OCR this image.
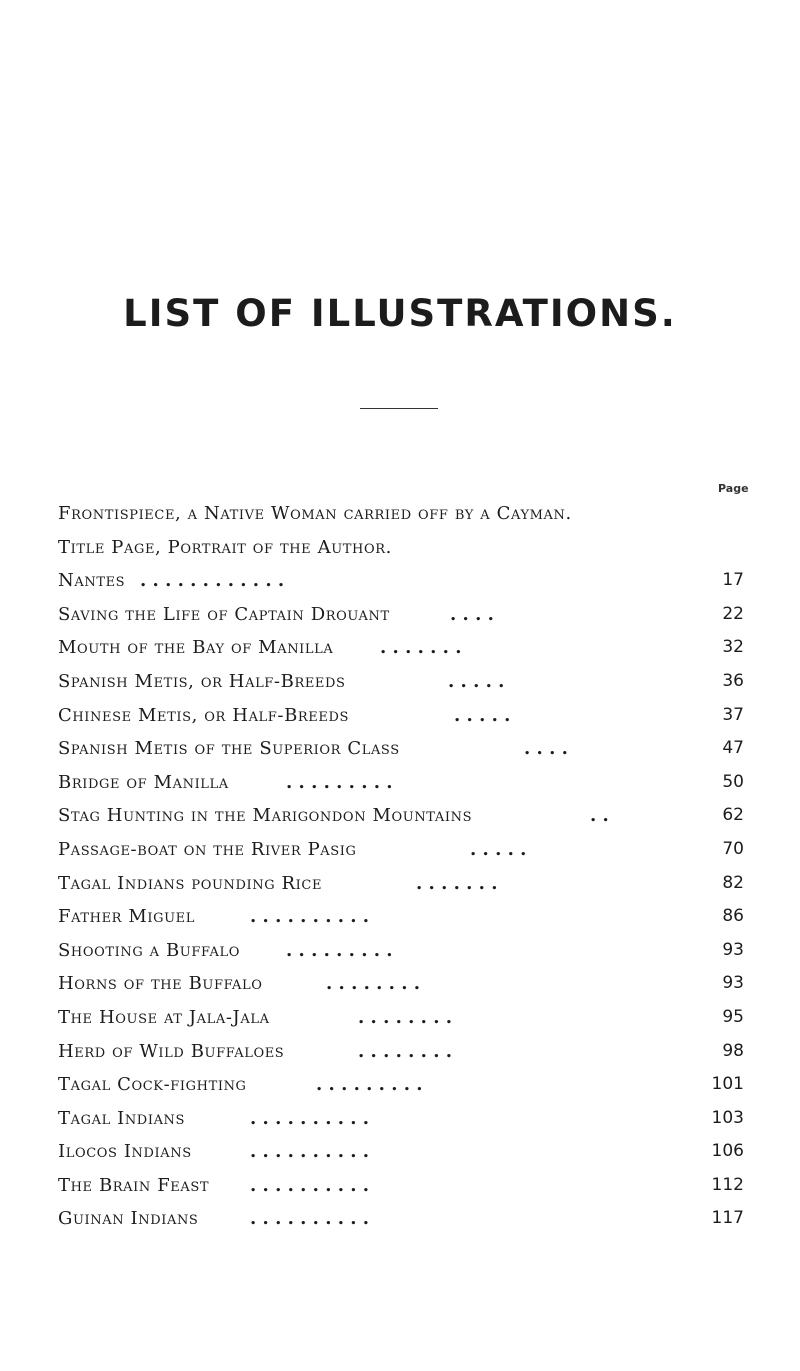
LIST OF ILLUSTRATIONS.
Page
Frontispiece, a Native Woman carried off by a Cayman.
Title Page, Portrait of the Author.
Nantes . . . . . . . . . . . .	17
Saving the Life of Captain Drouant	. . . .	22
Mouth of the Bay of Manilla	. . . . . . .	32
Spanish Metis, or Half-Breeds	. . . . .	36
Chinese Metis, or Half-Breeds	. . . . .	37
Spanish Metis of the Superior Class	. . . .	47
Bridge of Manilla	. . . . . . . . .	50
Stag Hunting in the Marigondon Mountains	. .	62
Passage-boat on the River Pasig	. . . . .	70
Tagal Indians pounding Rice	. . . . . . .	82
Father Miguel	. . . . . . . . . .	86
Shooting a Buffalo	. . . . . . . . .	93
Horns of the Buffalo	. . . . . . . .	93
The House at Jala-Jala	. . . . . . . .	95
Herd of Wild Buffaloes	. . . . . . . .	98
Tagal Cock-fighting	. . . . . . . . .	101
Tagal Indians	. . . . . . . . . .	103
Ilocos Indians	. . . . . . . . . .	106
The Brain Feast . . . . . . . . . .	112
Guinan Indians	. . . . . . . . . .	117
